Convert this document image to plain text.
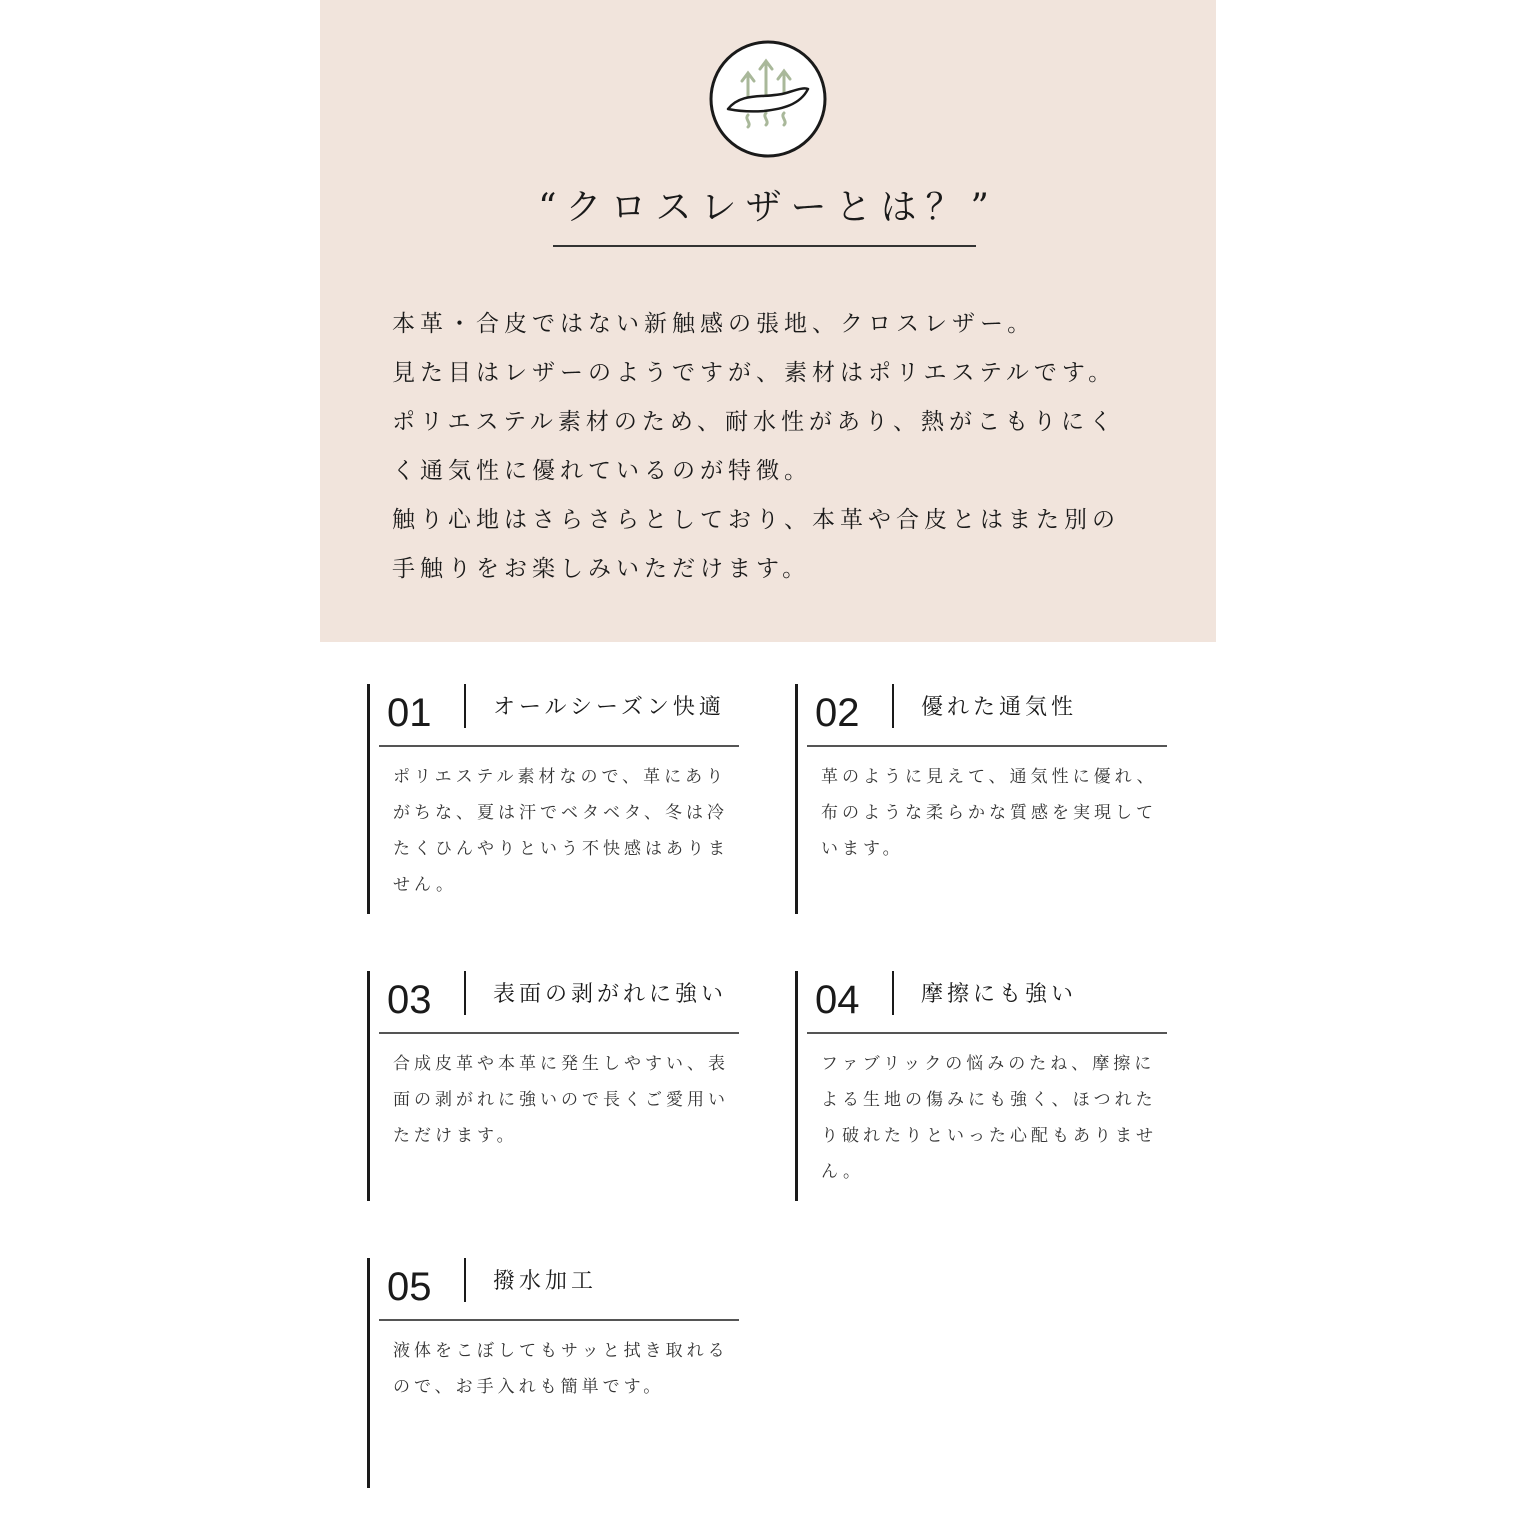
“クロスレザーとは？”
本革・合皮ではない新触感の張地、クロスレザー。
見た目はレザーのようですが、素材はポリエステルです。
ポリエステル素材のため、耐水性があり、熱がこもりにく
く通気性に優れているのが特徴。
触り心地はさらさらとしており、本革や合皮とはまた別の
手触りをお楽しみいただけます。
01	オールシーズン快適
ポリエステル素材なので、革にあり
がちな、夏は汗でベタベタ、冬は冷
たくひんやりという不快感はありま
せん。
02	優れた通気性
革のように見えて、通気性に優れ、
布のような柔らかな質感を実現して
います。
03	表面の剥がれに強い
合成皮革や本革に発生しやすい、表
面の剥がれに強いので長くご愛用い
ただけます。
04	摩擦にも強い
ファブリックの悩みのたね、摩擦に
よる生地の傷みにも強く、ほつれた
り破れたりといった心配もありませ
ん。
05	撥水加工
液体をこぼしてもサッと拭き取れる
ので、お手入れも簡単です。
